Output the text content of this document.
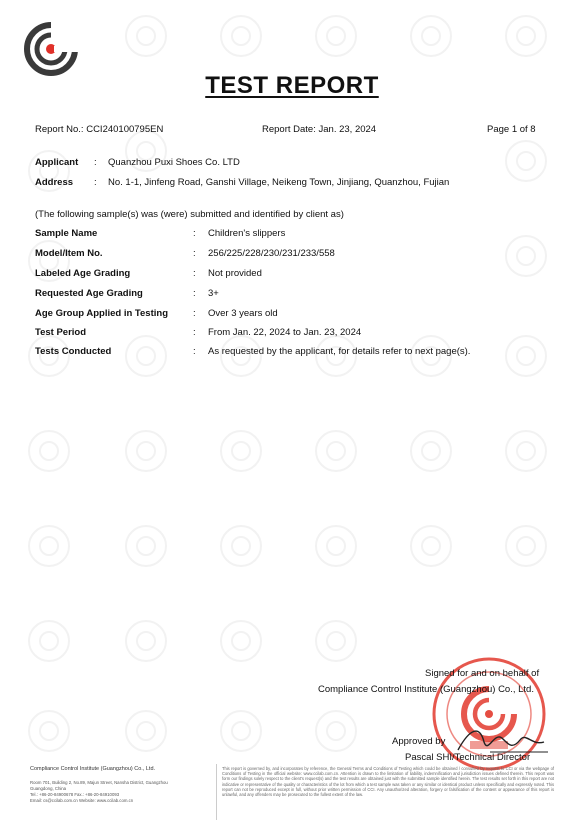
TEST REPORT
Report No.: CCI240100795EN	Report Date: Jan. 23, 2024	Page 1 of 8
Applicant : Quanzhou Puxi Shoes Co. LTD
Address : No. 1-1, Jinfeng Road, Ganshi Village, Neikeng Town, Jinjiang, Quanzhou, Fujian
(The following sample(s) was (were) submitted and identified by client as)
Sample Name	: Children's slippers
Model/Item No.	: 256/225/228/230/231/233/558
Labeled Age Grading	: Not provided
Requested Age Grading	: 3+
Age Group Applied in Testing	: Over 3 years old
Test Period	: From Jan. 22, 2024 to Jan. 23, 2024
Tests Conducted	: As requested by the applicant, for details refer to next page(s).
Signed for and on behalf of
Compliance Control Institute (Guangzhou) Co., Ltd.
Approved by
Pascal SHI/Technical Director
Compliance Control Institute (Guangzhou) Co., Ltd.
Room 701, Building 2, No.89, Majun Street, Nansha District, Guangzhou
Guangdong, China
Tel.: +86-20-84900678 Fax.: +86-20-84910093
Email: cs@ccilab.com.cn Website: www.ccilab.com.cn
This report is governed by, and incorporates by reference, the General Terms and Conditions of Testing which could be obtained / consulted by request to CCI or via the webpage of Conditions of Testing in the official website: www.ccilab.com.cn. Attention is drawn to the limitation of liability, indemnification and jurisdiction issues defined therein. This report was form our findings solely respect to the client's request(s) and the test results are obtained just with the submitted sample identified herein. The test results set forth in this report are not indicative or representative of the quality or characteristics of the lot from which a test sample was taken or any similar or identical product unless specifically and expressly noted. This report can not be reproduced except in full, without prior written permission of CCI. Any unauthorized alteration, forgery or falsification of the content or appearance of this report is unlawful, and any offenders may be prosecuted to the fullest extent of the law.
